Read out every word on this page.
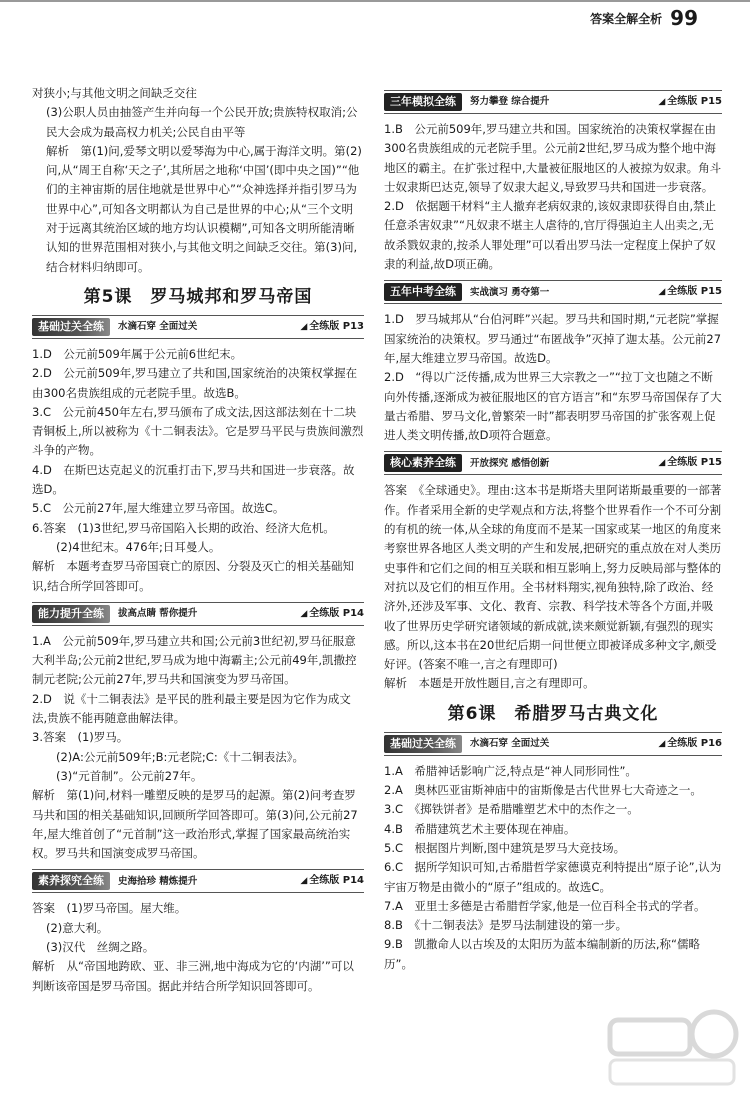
答案全解全析 99

对狭小;与其他文明之间缺乏交往

(3)公职人员由抽签产生并向每一个公民开放;贵族特权取消;公民大会成为最高权力机关;公民自由平等

解析　第(1)问,爱琴文明以爱琴海为中心,属于海洋文明。第(2)问,从“周王自称‘天之子’,其所居之地称‘中国’(即中央之国)”“他们的主神宙斯的居住地就是世界中心”“众神选择并指引罗马为世界中心”,可知各文明都认为自己是世界的中心;从“三个文明对于远离其统治区域的地方均认识模糊”,可知各文明所能清晰认知的世界范围相对狭小,与其他文明之间缺乏交往。第(3)问,结合材料归纳即可。

第5课　罗马城邦和罗马帝国
基础过关全练	水滴石穿 全面过关	◢ 全练版 P13

1.D　公元前509年属于公元前6世纪末。

2.D　公元前509年,罗马建立了共和国,国家统治的决策权掌握在由300名贵族组成的元老院手里。故选B。

3.C　公元前450年左右,罗马颁布了成文法,因这部法刻在十二块青铜板上,所以被称为《十二铜表法》。它是罗马平民与贵族间激烈斗争的产物。

4.D　在斯巴达克起义的沉重打击下,罗马共和国进一步衰落。故选D。

5.C　公元前27年,屋大维建立罗马帝国。故选C。

6.答案　(1)3世纪,罗马帝国陷入长期的政治、经济大危机。

(2)4世纪末。476年;日耳曼人。

解析　本题考查罗马帝国衰亡的原因、分裂及灭亡的相关基础知识,结合所学回答即可。

能力提升全练	拔高点睛 帮你提升	◢ 全练版 P14

1.A　公元前509年,罗马建立共和国;公元前3世纪初,罗马征服意大利半岛;公元前2世纪,罗马成为地中海霸主;公元前49年,凯撒控制元老院;公元前27年,罗马共和国演变为罗马帝国。

2.D　说《十二铜表法》是平民的胜利最主要是因为它作为成文法,贵族不能再随意曲解法律。

3.答案　(1)罗马。

(2)A:公元前509年;B:元老院;C:《十二铜表法》。

(3)“元首制”。公元前27年。

解析　第(1)问,材料一雕塑反映的是罗马的起源。第(2)问考查罗马共和国的相关基础知识,回顾所学回答即可。第(3)问,公元前27年,屋大维首创了“元首制”这一政治形式,掌握了国家最高统治实权。罗马共和国演变成罗马帝国。

素养探究全练	史海拾珍 精炼提升	◢ 全练版 P14

答案　(1)罗马帝国。屋大维。

(2)意大利。

(3)汉代　丝绸之路。

解析　从“帝国地跨欧、亚、非三洲,地中海成为它的‘内湖’”可以判断该帝国是罗马帝国。据此并结合所学知识回答即可。

三年模拟全练	努力攀登 综合提升	◢ 全练版 P15

1.B　公元前509年,罗马建立共和国。国家统治的决策权掌握在由300名贵族组成的元老院手里。公元前2世纪,罗马成为整个地中海地区的霸主。在扩张过程中,大量被征服地区的人被掠为奴隶。角斗士奴隶斯巴达克,领导了奴隶大起义,导致罗马共和国进一步衰落。

2.D　依据题干材料“主人撤弃老病奴隶的,该奴隶即获得自由,禁止任意杀害奴隶”“凡奴隶不堪主人虐待的,官厅得强迫主人出卖之,无故杀戮奴隶的,按杀人罪处理”可以看出罗马法一定程度上保护了奴隶的利益,故D项正确。

五年中考全练	实战演习 勇夺第一	◢ 全练版 P15

1.D　罗马城邦从“台伯河畔”兴起。罗马共和国时期,“元老院”掌握国家统治的决策权。罗马通过“布匿战争”灭掉了迦太基。公元前27年,屋大维建立罗马帝国。故选D。

2.D　“得以广泛传播,成为世界三大宗教之一”“拉丁文也随之不断向外传播,逐渐成为被征服地区的官方语言”和“东罗马帝国保存了大量古希腊、罗马文化,曾繁荣一时”都表明罗马帝国的扩张客观上促进人类文明传播,故D项符合题意。

核心素养全练	开放探究 感悟创新	◢ 全练版 P15

答案　《全球通史》。理由:这本书是斯塔夫里阿诺斯最重要的一部著作。作者采用全新的史学观点和方法,将整个世界看作一个不可分割的有机的统一体,从全球的角度而不是某一国家或某一地区的角度来考察世界各地区人类文明的产生和发展,把研究的重点放在对人类历史事件和它们之间的相互关联和相互影响上,努力反映局部与整体的对抗以及它们的相互作用。全书材料翔实,视角独特,除了政治、经济外,还涉及军事、文化、教育、宗教、科学技术等各个方面,并吸收了世界历史学研究诸领域的新成就,读来颇觉新颖,有强烈的现实感。所以,这本书在20世纪后期一问世便立即被译成多种文字,颇受好评。(答案不唯一,言之有理即可)

解析　本题是开放性题目,言之有理即可。

第6课　希腊罗马古典文化
基础过关全练	水滴石穿 全面过关	◢ 全练版 P16

1.A　希腊神话影响广泛,特点是“神人同形同性”。

2.A　奥林匹亚宙斯神庙中的宙斯像是古代世界七大奇迹之一。

3.C　《掷铁饼者》是希腊雕塑艺术中的杰作之一。

4.B　希腊建筑艺术主要体现在神庙。

5.C　根据图片判断,图中建筑是罗马大竞技场。

6.C　据所学知识可知,古希腊哲学家德谟克利特提出“原子论”,认为宇宙万物是由微小的“原子”组成的。故选C。

7.A　亚里士多德是古希腊哲学家,他是一位百科全书式的学者。

8.B　《十二铜表法》是罗马法制建设的第一步。

9.B　凯撒命人以古埃及的太阳历为蓝本编制新的历法,称“儒略历”。
